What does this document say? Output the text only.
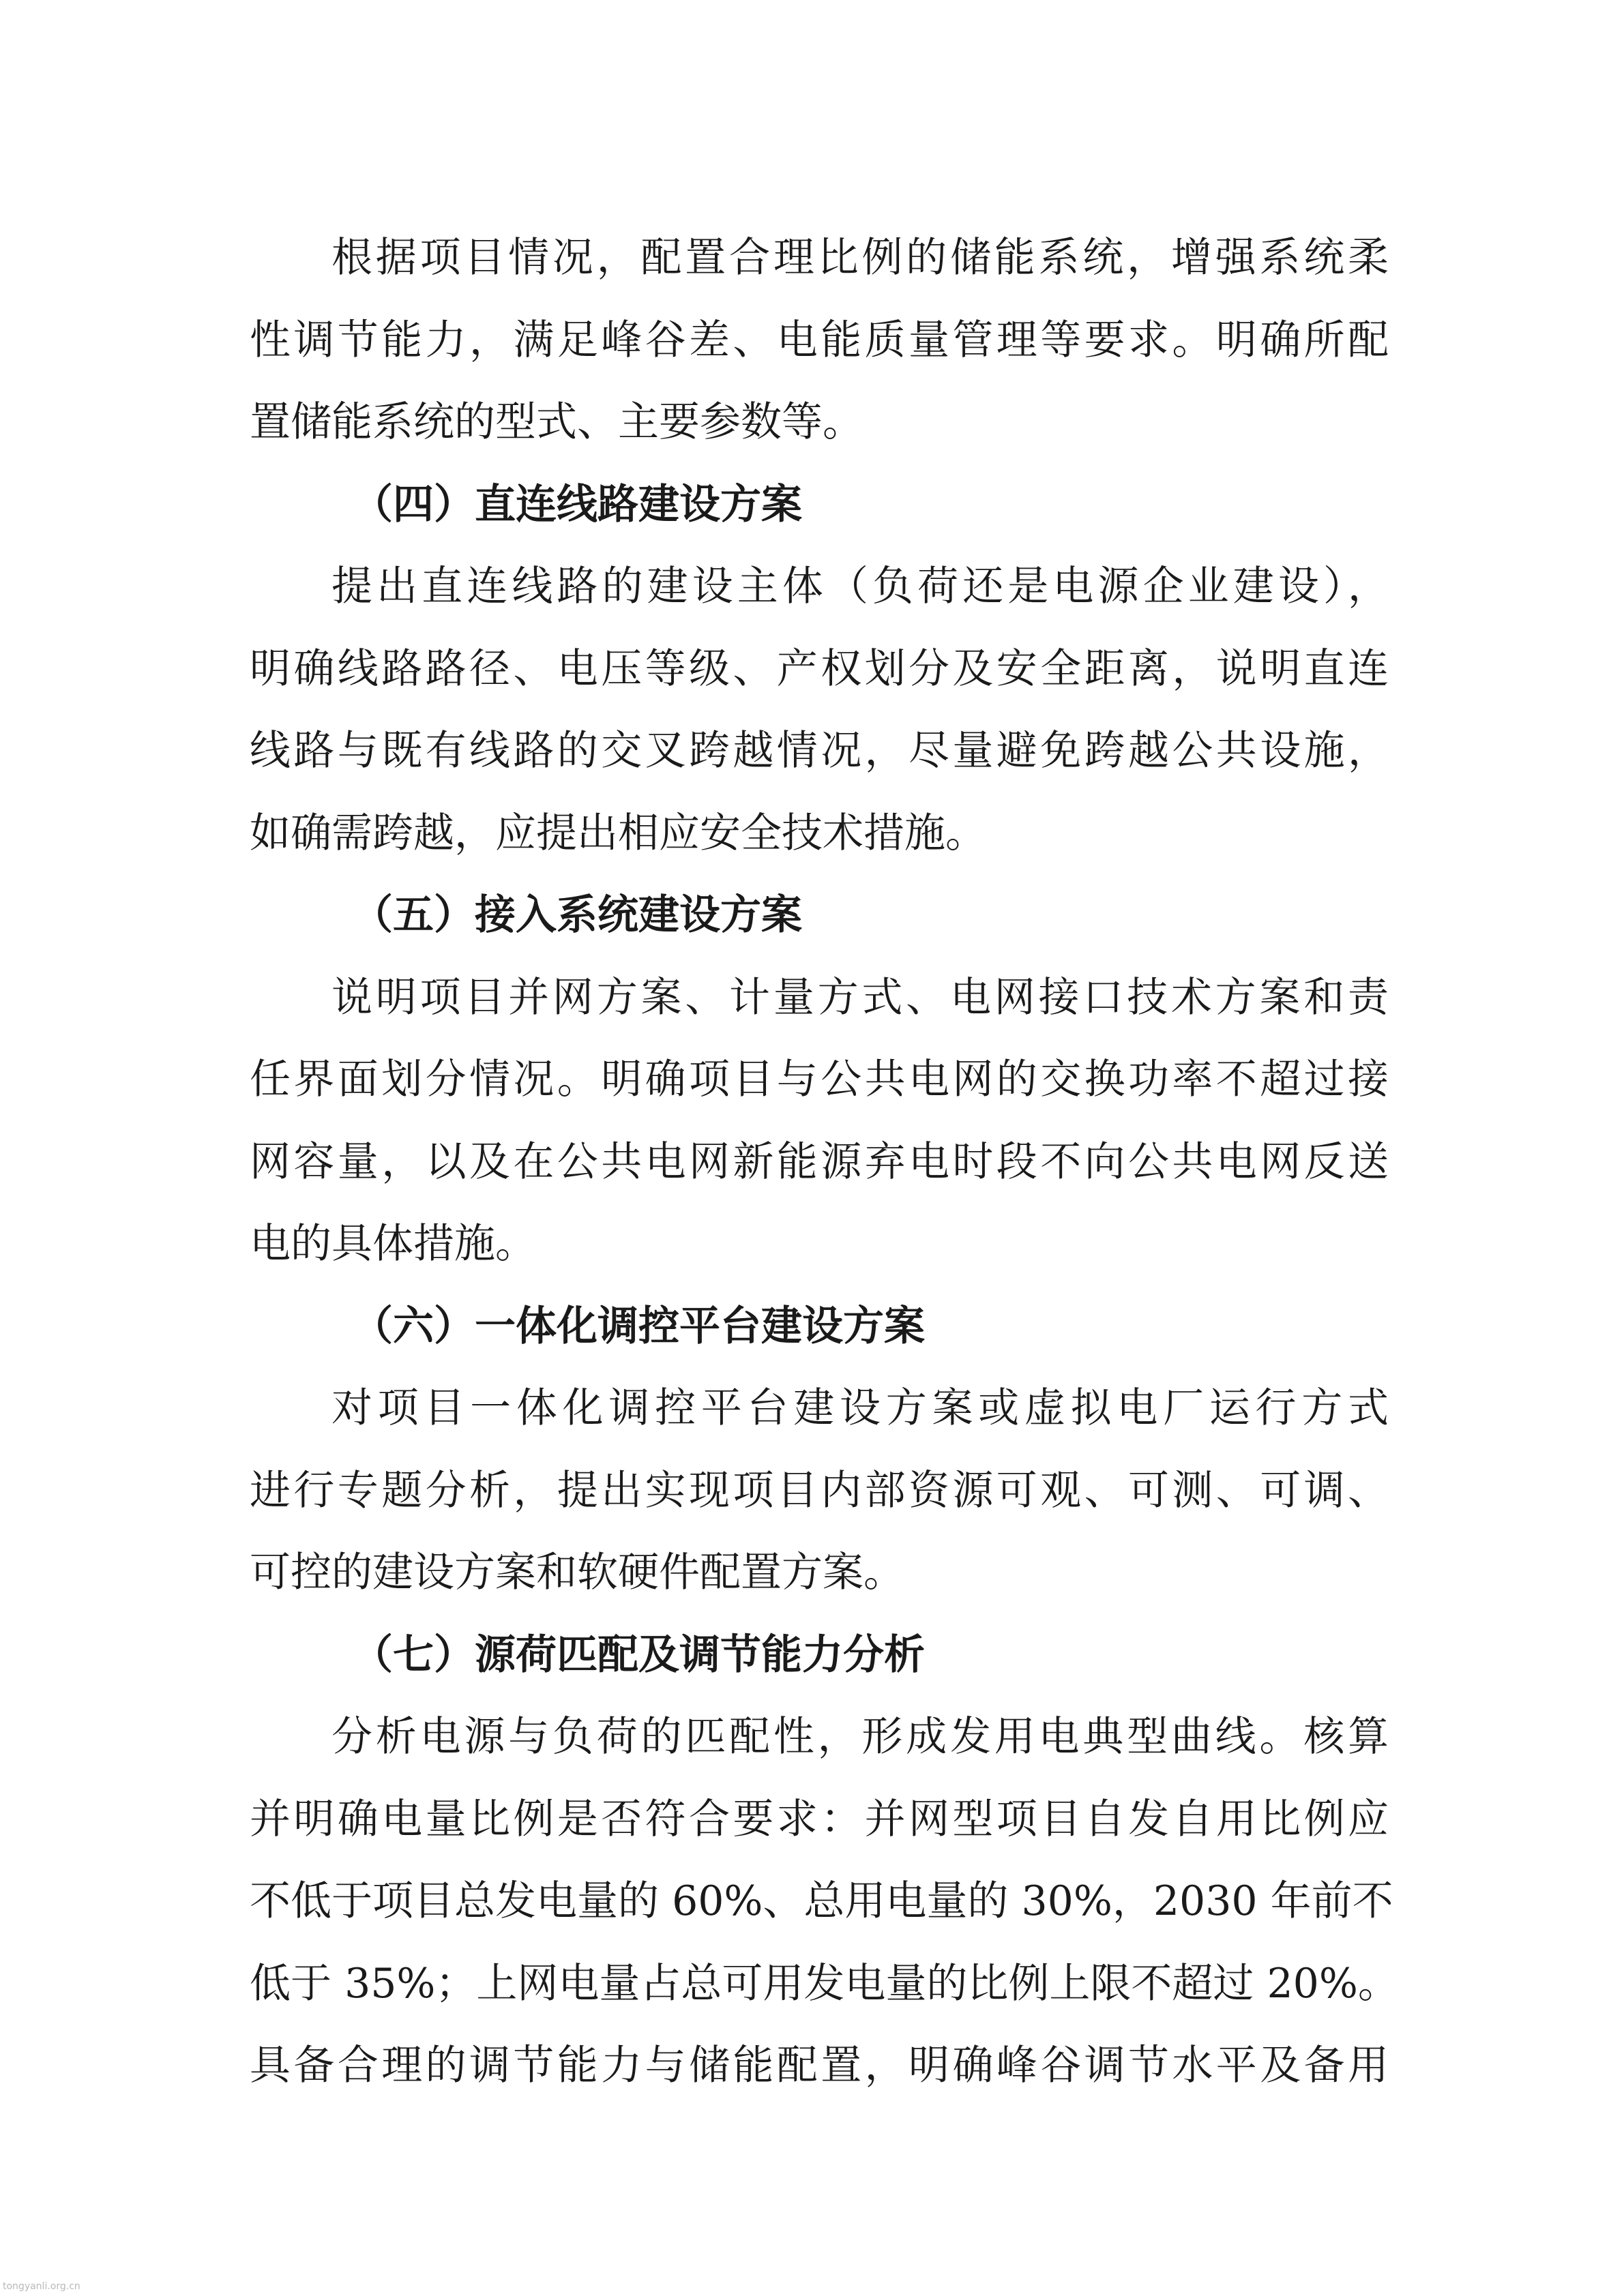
根据项目情况，配置合理比例的储能系统，增强系统柔
性调节能力，满足峰谷差、电能质量管理等要求。明确所配
置储能系统的型式、主要参数等。
（四）直连线路建设方案
提出直连线路的建设主体（负荷还是电源企业建设），
明确线路路径、电压等级、产权划分及安全距离，说明直连
线路与既有线路的交叉跨越情况，尽量避免跨越公共设施，
如确需跨越，应提出相应安全技术措施。
（五）接入系统建设方案
说明项目并网方案、计量方式、电网接口技术方案和责
任界面划分情况。明确项目与公共电网的交换功率不超过接
网容量，以及在公共电网新能源弃电时段不向公共电网反送
电的具体措施。
（六）一体化调控平台建设方案
对项目一体化调控平台建设方案或虚拟电厂运行方式
进行专题分析，提出实现项目内部资源可观、可测、可调、
可控的建设方案和软硬件配置方案。
（七）源荷匹配及调节能力分析
分析电源与负荷的匹配性，形成发用电典型曲线。核算
并明确电量比例是否符合要求：并网型项目自发自用比例应
不低于项目总发电量的 60%、总用电量的 30%，2030 年前不
低于 35%；上网电量占总可用发电量的比例上限不超过 20%。
具备合理的调节能力与储能配置，明确峰谷调节水平及备用
tongyanli.org.cn
